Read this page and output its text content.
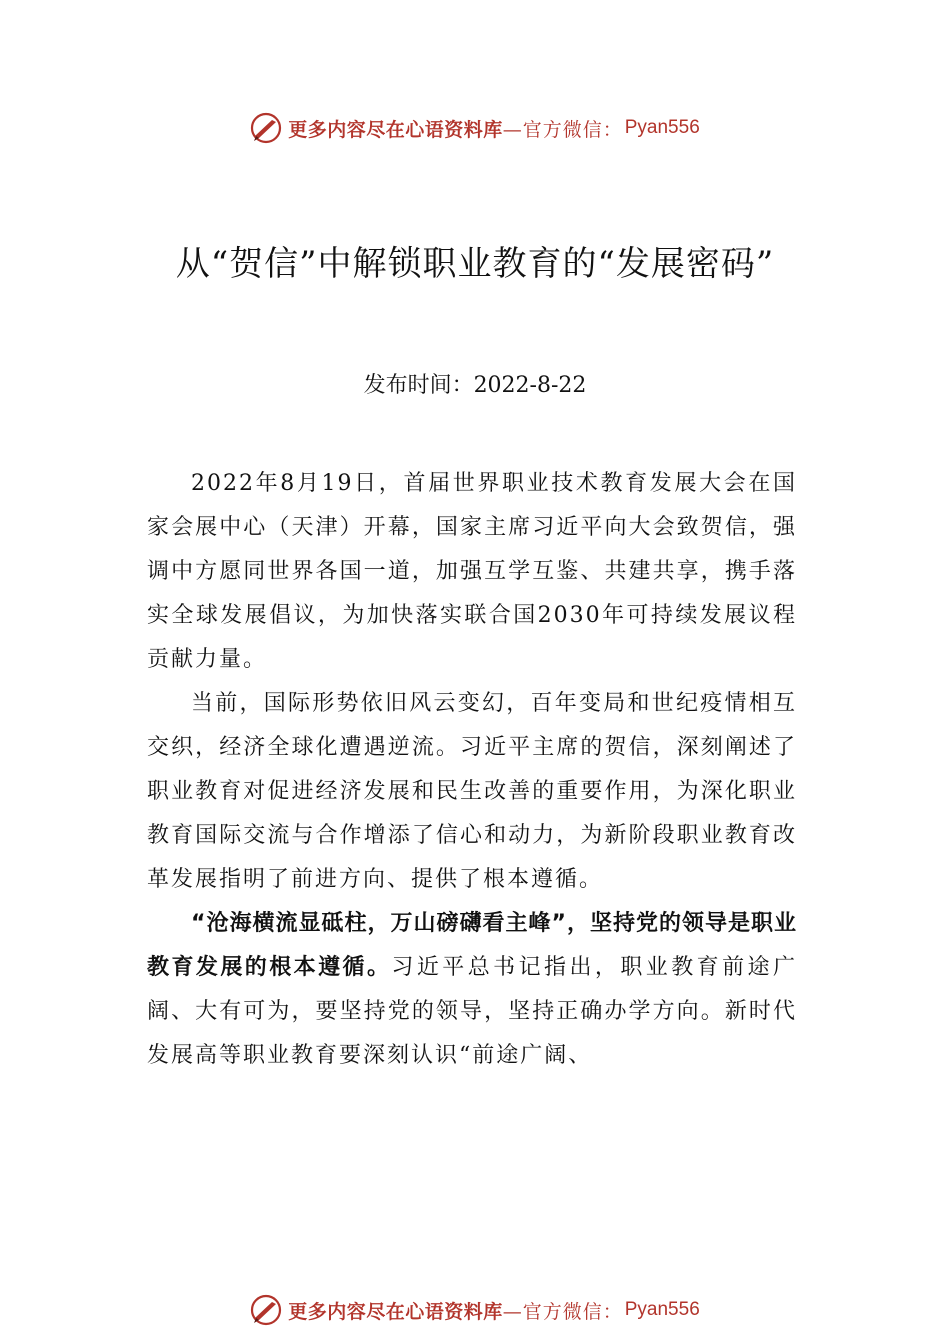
更多内容尽在心语资料库 —官方微信： Pyan556
从“贺信”中解锁职业教育的“发展密码”
发布时间：2022-8-22

2022年8月19日，首届世界职业技术教育发展大会在国家会展中心（天津）开幕，国家主席习近平向大会致贺信，强调中方愿同世界各国一道，加强互学互鉴、共建共享，携手落实全球发展倡议，为加快落实联合国2030年可持续发展议程贡献力量。

当前，国际形势依旧风云变幻，百年变局和世纪疫情相互交织，经济全球化遭遇逆流。习近平主席的贺信，深刻阐述了职业教育对促进经济发展和民生改善的重要作用，为深化职业教育国际交流与合作增添了信心和动力，为新阶段职业教育改革发展指明了前进方向、提供了根本遵循。

“沧海横流显砥柱，万山磅礴看主峰”，坚持党的领导是职业教育发展的根本遵循。习近平总书记指出，职业教育前途广阔、大有可为，要坚持党的领导，坚持正确办学方向。新时代发展高等职业教育要深刻认识“前途广阔、

更多内容尽在心语资料库 —官方微信： Pyan556
